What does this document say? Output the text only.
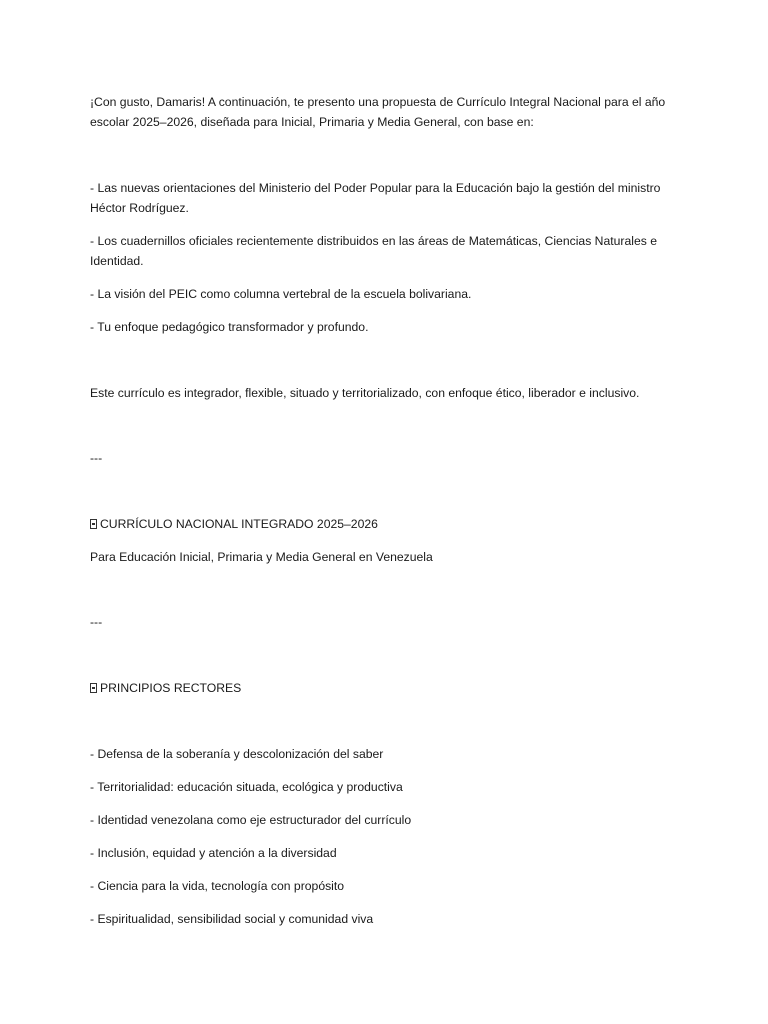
¡Con gusto, Damaris! A continuación, te presento una propuesta de Currículo Integral Nacional para el año escolar 2025–2026, diseñada para Inicial, Primaria y Media General, con base en:

- Las nuevas orientaciones del Ministerio del Poder Popular para la Educación bajo la gestión del ministro Héctor Rodríguez.

- Los cuadernillos oficiales recientemente distribuidos en las áreas de Matemáticas, Ciencias Naturales e Identidad.

- La visión del PEIC como columna vertebral de la escuela bolivariana.

- Tu enfoque pedagógico transformador y profundo.

Este currículo es integrador, flexible, situado y territorializado, con enfoque ético, liberador e inclusivo.

---

CURRÍCULO NACIONAL INTEGRADO 2025–2026

Para Educación Inicial, Primaria y Media General en Venezuela

---

PRINCIPIOS RECTORES

- Defensa de la soberanía y descolonización del saber

- Territorialidad: educación situada, ecológica y productiva

- Identidad venezolana como eje estructurador del currículo

- Inclusión, equidad y atención a la diversidad

- Ciencia para la vida, tecnología con propósito

- Espiritualidad, sensibilidad social y comunidad viva
